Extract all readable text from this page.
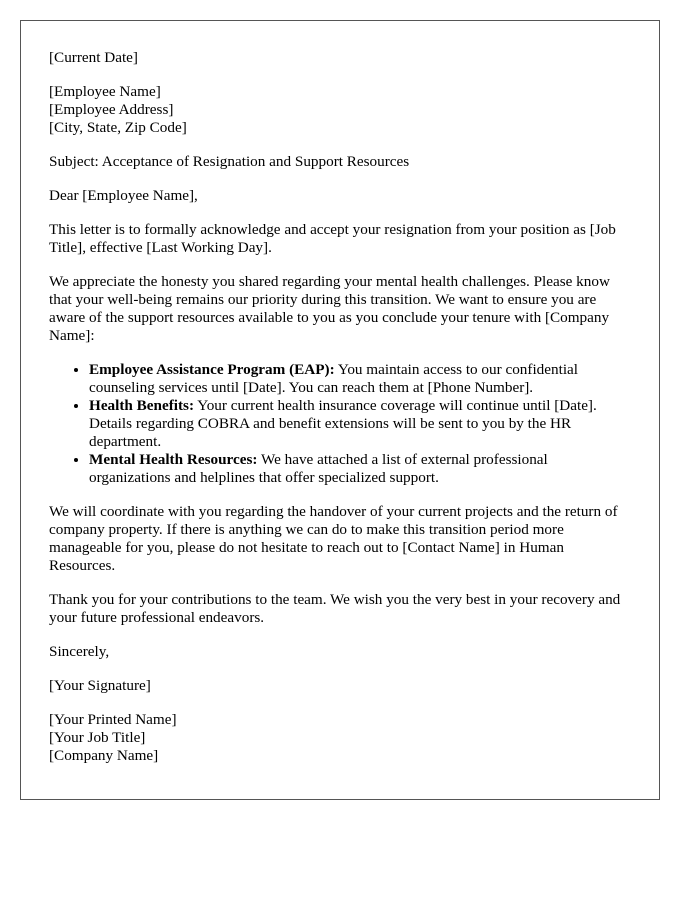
[Current Date]

[Employee Name]

[Employee Address]

[City, State, Zip Code]

Subject: Acceptance of Resignation and Support Resources

Dear [Employee Name],

This letter is to formally acknowledge and accept your resignation from your position as [Job Title], effective [Last Working Day].

We appreciate the honesty you shared regarding your mental health challenges. Please know that your well-being remains our priority during this transition. We want to ensure you are aware of the support resources available to you as you conclude your tenure with [Company Name]:

• Employee Assistance Program (EAP): You maintain access to our confidential counseling services until [Date]. You can reach them at [Phone Number].
• Health Benefits: Your current health insurance coverage will continue until [Date]. Details regarding COBRA and benefit extensions will be sent to you by the HR department.
• Mental Health Resources: We have attached a list of external professional organizations and helplines that offer specialized support.

We will coordinate with you regarding the handover of your current projects and the return of company property. If there is anything we can do to make this transition period more manageable for you, please do not hesitate to reach out to [Contact Name] in Human Resources.

Thank you for your contributions to the team. We wish you the very best in your recovery and your future professional endeavors.

Sincerely,

[Your Signature]

[Your Printed Name]

[Your Job Title]

[Company Name]
